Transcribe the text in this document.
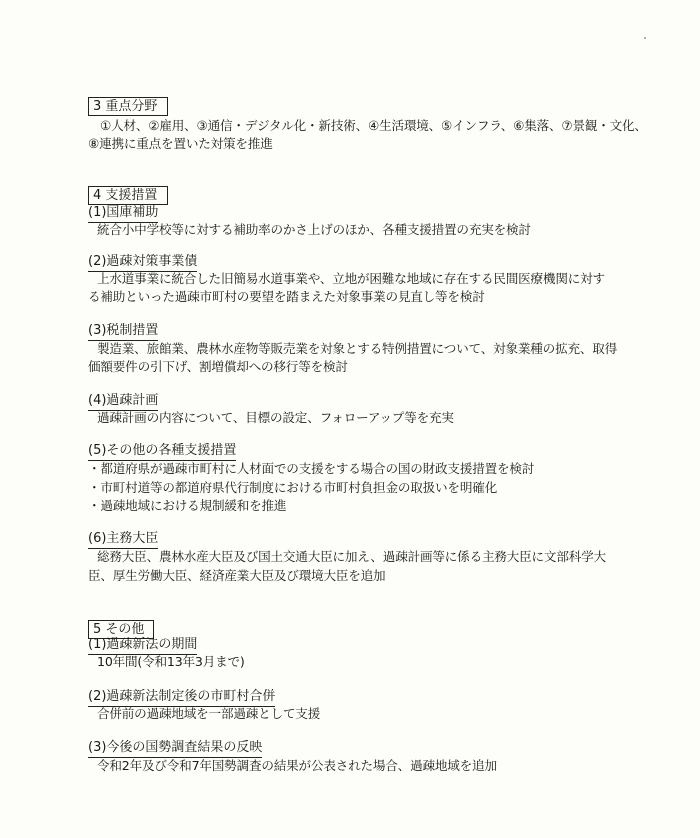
3 重点分野
①人材、②雇用、③通信・デジタル化・新技術、④生活環境、⑤インフラ、⑥集落、⑦景観・文化、
⑧連携に重点を置いた対策を推進
4 支援措置
(1)国庫補助
統合小中学校等に対する補助率のかさ上げのほか、各種支援措置の充実を検討
(2)過疎対策事業債
上水道事業に統合した旧簡易水道事業や、立地が困難な地域に存在する民間医療機関に対す
る補助といった過疎市町村の要望を踏まえた対象事業の見直し等を検討
(3)税制措置
製造業、旅館業、農林水産物等販売業を対象とする特例措置について、対象業種の拡充、取得
価額要件の引下げ、割増償却への移行等を検討
(4)過疎計画
過疎計画の内容について、目標の設定、フォローアップ等を充実
(5)その他の各種支援措置
・都道府県が過疎市町村に人材面での支援をする場合の国の財政支援措置を検討
・市町村道等の都道府県代行制度における市町村負担金の取扱いを明確化
・過疎地域における規制緩和を推進
(6)主務大臣
総務大臣、農林水産大臣及び国土交通大臣に加え、過疎計画等に係る主務大臣に文部科学大
臣、厚生労働大臣、経済産業大臣及び環境大臣を追加
5 その他
(1)過疎新法の期間
10年間(令和13年3月まで)
(2)過疎新法制定後の市町村合併
合併前の過疎地域を一部過疎として支援
(3)今後の国勢調査結果の反映
令和2年及び令和7年国勢調査の結果が公表された場合、過疎地域を追加
